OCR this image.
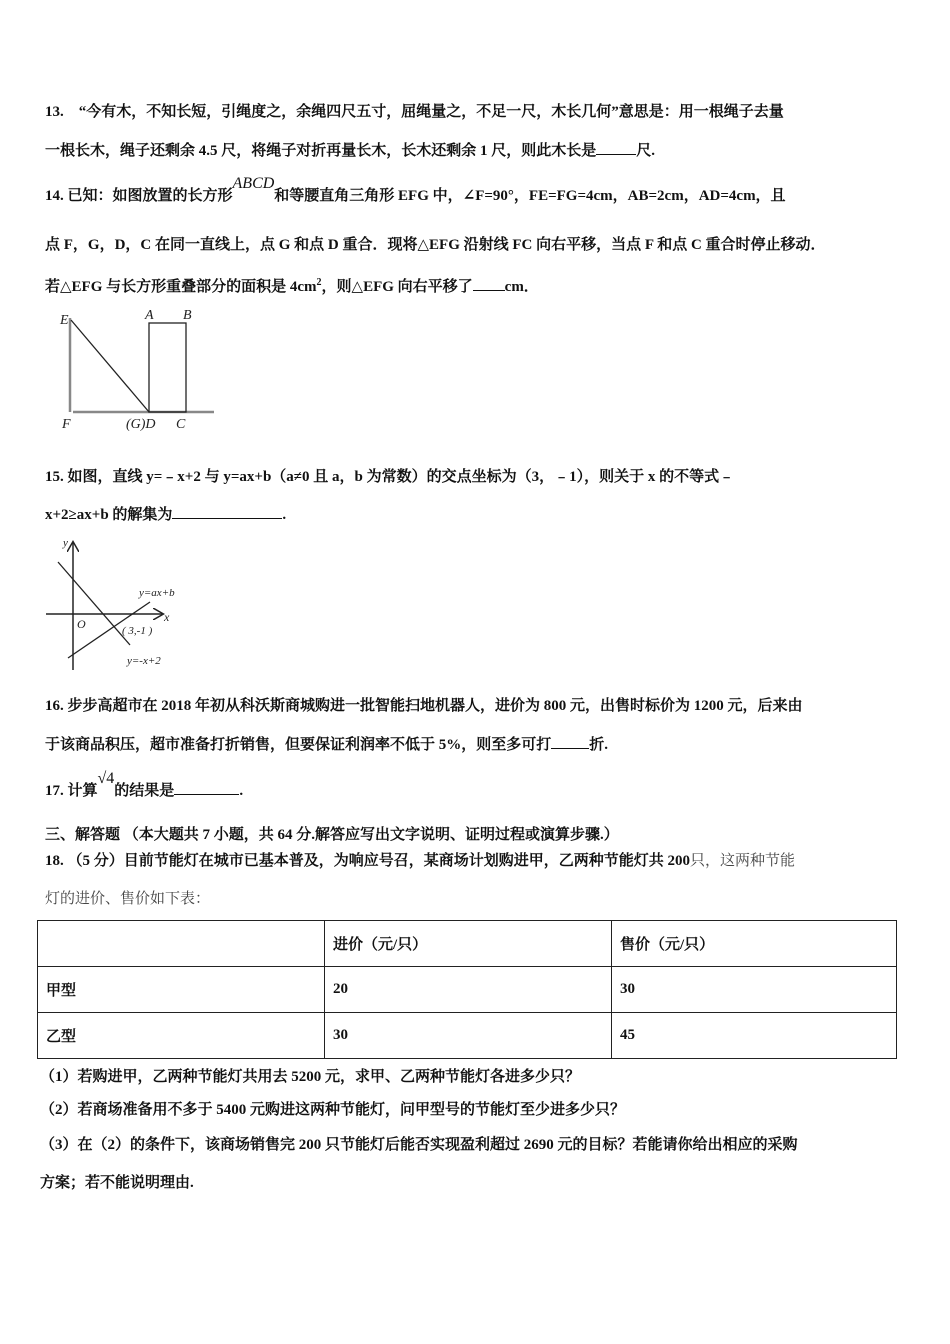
13.　“今有木，不知长短，引绳度之，余绳四尺五寸，屈绳量之，不足一尺，木长几何”意思是：用一根绳子去量
一根长木，绳子还剩余 4.5 尺，将绳子对折再量长木，长木还剩余 1 尺，则此木长是	尺.
14. 已知：如图放置的长方形ABCD和等腰直角三角形 EFG 中，∠F=90°，FE=FG=4cm，AB=2cm，AD=4cm，且
点 F，G，D，C 在同一直线上，点 G 和点 D 重合．现将△EFG 沿射线 FC 向右平移，当点 F 和点 C 重合时停止移动．
若△EFG 与长方形重叠部分的面积是 $4cm^2$，则△EFG 向右平移了 cm．
E	A B
F	(G)D C
15. 如图，直线 y=﹣x+2 与 y=ax+b（a≠0 且 a，b 为常数）的交点坐标为（3，﹣1），则关于 x 的不等式﹣
x+2≥ax+b 的解集为	.
y
x
O
y=ax+b
( 3,-1 )
y=-x+2
16. 步步高超市在 2018 年初从科沃斯商城购进一批智能扫地机器人，进价为 800 元，出售时标价为 1200 元，后来由
于该商品积压，超市准备打折销售，但要保证利润率不低于 5%，则至多可打	折.
17. 计算√4的结果是	.
三、解答题 （本大题共 7 小题，共 64 分.解答应写出文字说明、证明过程或演算步骤.）
18. （5 分）目前节能灯在城市已基本普及，为响应号召，某商场计划购进甲，乙两种节能灯共 200只，这两种节能
灯的进价、售价如下表：
	进价（元/只）	售价（元/只）
甲型	20	30
乙型	30	45
（1）若购进甲，乙两种节能灯共用去 5200 元，求甲、乙两种节能灯各进多少只？
（2）若商场准备用不多于 5400 元购进这两种节能灯，问甲型号的节能灯至少进多少只？
（3）在（2）的条件下，该商场销售完 200 只节能灯后能否实现盈利超过 2690 元的目标？若能请你给出相应的采购
方案；若不能说明理由.
